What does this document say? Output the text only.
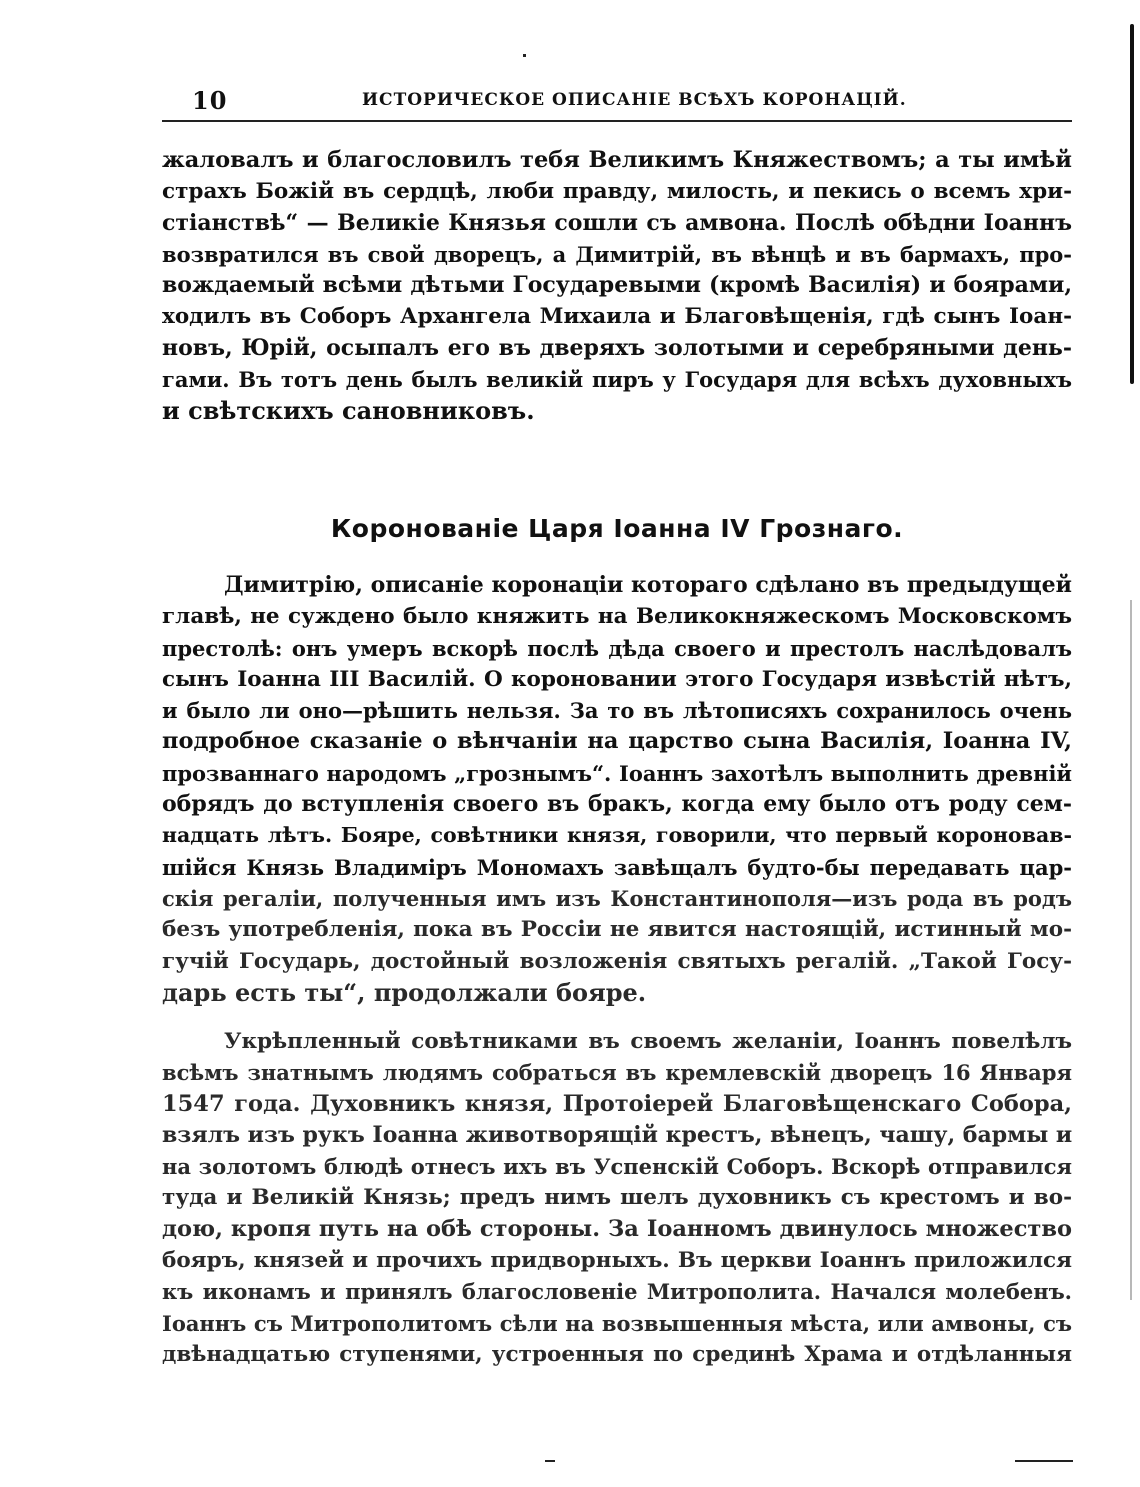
10	ИСТОРИЧЕСКОЕ ОПИСАНІЕ ВСѢХЪ КОРОНАЦІЙ.
жаловалъ и благословилъ тебя Великимъ Княжествомъ; а ты имѣй
страхъ Божій въ сердцѣ, люби правду, милость, и пекись о всемъ хри-
стіанствѣ“ — Великіе Князья сошли съ амвона. Послѣ обѣдни Іоаннъ
возвратился въ свой дворецъ, а Димитрій, въ вѣнцѣ и въ бармахъ, про-
вождаемый всѣми дѣтьми Государевыми (кромѣ Василія) и боярами,
ходилъ въ Соборъ Архангела Михаила и Благовѣщенія, гдѣ сынъ Іоан-
новъ, Юрій, осыпалъ его въ дверяхъ золотыми и серебряными день-
гами. Въ тотъ день былъ великій пиръ у Государя для всѣхъ духовныхъ
и свѣтскихъ сановниковъ.
Коронованіе Царя Іоанна IV Грознаго.
Димитрію, описаніе коронаціи котораго сдѣлано въ предыдущей
главѣ, не суждено было княжить на Великокняжескомъ Московскомъ
престолѣ: онъ умеръ вскорѣ послѣ дѣда своего и престолъ наслѣдовалъ
сынъ Іоанна III Василій. О короновании этого Государя извѣстій нѣтъ,
и было ли оно—рѣшить нельзя. За то въ лѣтописяхъ сохранилось очень
подробное сказаніе о вѣнчаніи на царство сына Василія, Іоанна IV,
прозваннаго народомъ „грознымъ“. Іоаннъ захотѣлъ выполнить древній
обрядъ до вступленія своего въ бракъ, когда ему было отъ роду сем-
надцать лѣтъ. Бояре, совѣтники князя, говорили, что первый короновав-
шійся Князь Владиміръ Мономахъ завѣщалъ будто-бы передавать цар-
скія регаліи, полученныя имъ изъ Константинополя—изъ рода въ родъ
безъ употребленія, пока въ Россіи не явится настоящій, истинный мо-
гучій Государь, достойный возложенія святыхъ регалій. „Такой Госу-
дарь есть ты“, продолжали бояре.
Укрѣпленный совѣтниками въ своемъ желаніи, Іоаннъ повелѣлъ
всѣмъ знатнымъ людямъ собраться въ кремлевскій дворецъ 16 Января
1547 года. Духовникъ князя, Протоіерей Благовѣщенскаго Собора,
взялъ изъ рукъ Іоанна животворящій крестъ, вѣнецъ, чашу, бармы и
на золотомъ блюдѣ отнесъ ихъ въ Успенскій Соборъ. Вскорѣ отправился
туда и Великій Князь; предъ нимъ шелъ духовникъ съ крестомъ и во-
дою, кропя путь на обѣ стороны. За Іоанномъ двинулось множество
бояръ, князей и прочихъ придворныхъ. Въ церкви Іоаннъ приложился
къ иконамъ и принялъ благословеніе Митрополита. Начался молебенъ.
Іоаннъ съ Митрополитомъ сѣли на возвышенныя мѣста, или амвоны, съ
двѣнадцатью ступенями, устроенныя по срединѣ Храма и отдѣланныя
